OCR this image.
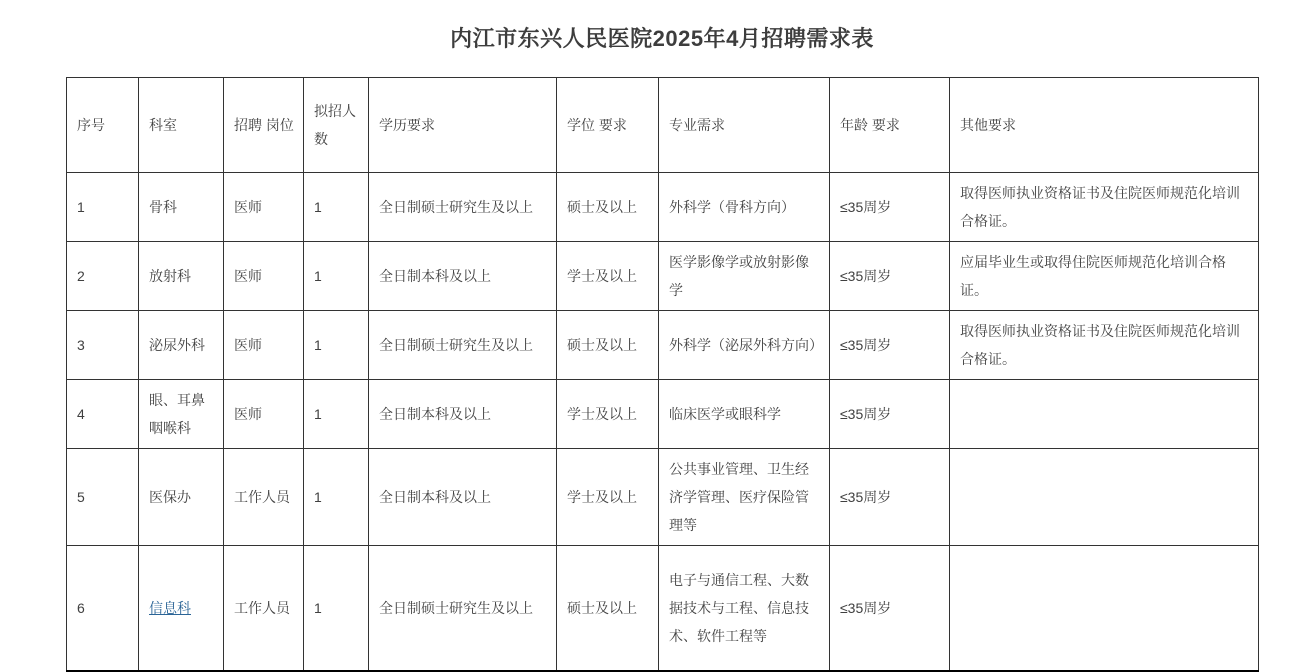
内江市东兴人民医院2025年4月招聘需求表
序号	科室	招聘 岗位	拟招人数	学历要求	学位 要求	专业需求	年龄 要求	其他要求
1	骨科	医师	1	全日制硕士研究生及以上	硕士及以上	外科学（骨科方向）	≤35周岁	取得医师执业资格证书及住院医师规范化培训合格证。
2	放射科	医师	1	全日制本科及以上	学士及以上	医学影像学或放射影像学	≤35周岁	应届毕业生或取得住院医师规范化培训合格证。
3	泌尿外科	医师	1	全日制硕士研究生及以上	硕士及以上	外科学（泌尿外科方向）	≤35周岁	取得医师执业资格证书及住院医师规范化培训合格证。
4	眼、耳鼻咽喉科	医师	1	全日制本科及以上	学士及以上	临床医学或眼科学	≤35周岁	
5	医保办	工作人员	1	全日制本科及以上	学士及以上	公共事业管理、卫生经济学管理、医疗保险管理等	≤35周岁	
6	信息科	工作人员	1	全日制硕士研究生及以上	硕士及以上	电子与通信工程、大数据技术与工程、信息技术、软件工程等	≤35周岁	
